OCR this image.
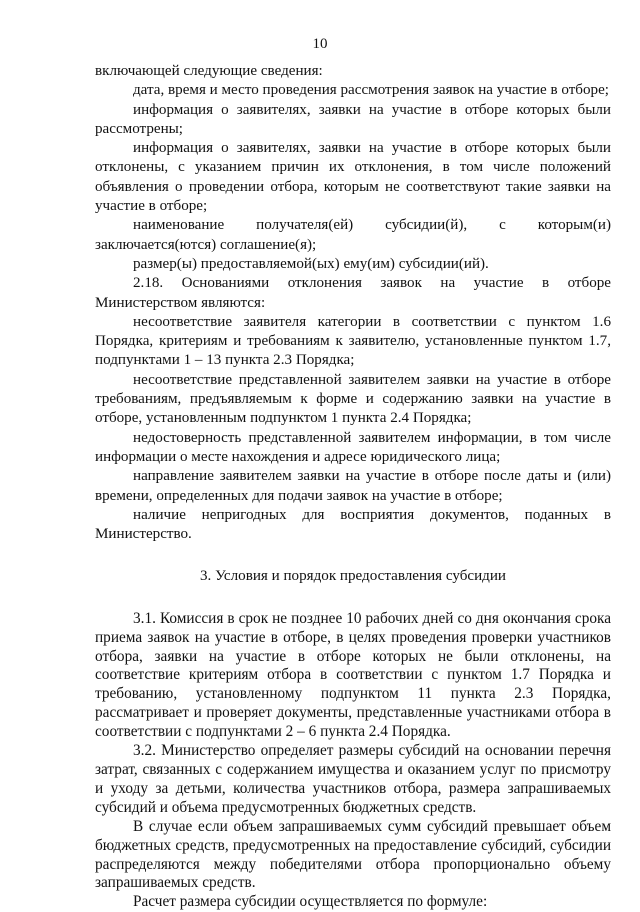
10

включающей следующие сведения:

дата, время и место проведения рассмотрения заявок на участие в отборе;

информация о заявителях, заявки на участие в отборе которых были рассмотрены;

информация о заявителях, заявки на участие в отборе которых были отклонены, с указанием причин их отклонения, в том числе положений объявления о проведении отбора, которым не соответствуют такие заявки на участие в отборе;

наименование получателя(ей) субсидии(й), с которым(и) заключается(ются) соглашение(я);

размер(ы) предоставляемой(ых) ему(им) субсидии(ий).

2.18. Основаниями отклонения заявок на участие в отборе Министерством являются:

несоответствие заявителя категории в соответствии с пунктом 1.6 Порядка, критериям и требованиям к заявителю, установленные пунктом 1.7, подпунктами 1 – 13 пункта 2.3 Порядка;

несоответствие представленной заявителем заявки на участие в отборе требованиям, предъявляемым к форме и содержанию заявки на участие в отборе, установленным подпунктом 1 пункта 2.4 Порядка;

недостоверность представленной заявителем информации, в том числе информации о месте нахождения и адресе юридического лица;

направление заявителем заявки на участие в отборе после даты и (или) времени, определенных для подачи заявок на участие в отборе;

наличие непригодных для восприятия документов, поданных в Министерство.

3. Условия и порядок предоставления субсидии

3.1. Комиссия в срок не позднее 10 рабочих дней со дня окончания срока приема заявок на участие в отборе, в целях проведения проверки участников отбора, заявки на участие в отборе которых не были отклонены, на соответствие критериям отбора в соответствии с пунктом 1.7 Порядка и требованию, установленному подпунктом 11 пункта 2.3 Порядка, рассматривает и проверяет документы, представленные участниками отбора в соответствии с подпунктами 2 – 6 пункта 2.4 Порядка.

3.2. Министерство определяет размеры субсидий на основании перечня затрат, связанных с содержанием имущества и оказанием услуг по присмотру и уходу за детьми, количества участников отбора, размера запрашиваемых субсидий и объема предусмотренных бюджетных средств.

В случае если объем запрашиваемых сумм субсидий превышает объем бюджетных средств, предусмотренных на предоставление субсидий, субсидии распределяются между победителями отбора пропорционально объему запрашиваемых средств.

Расчет размера субсидии осуществляется по формуле:
